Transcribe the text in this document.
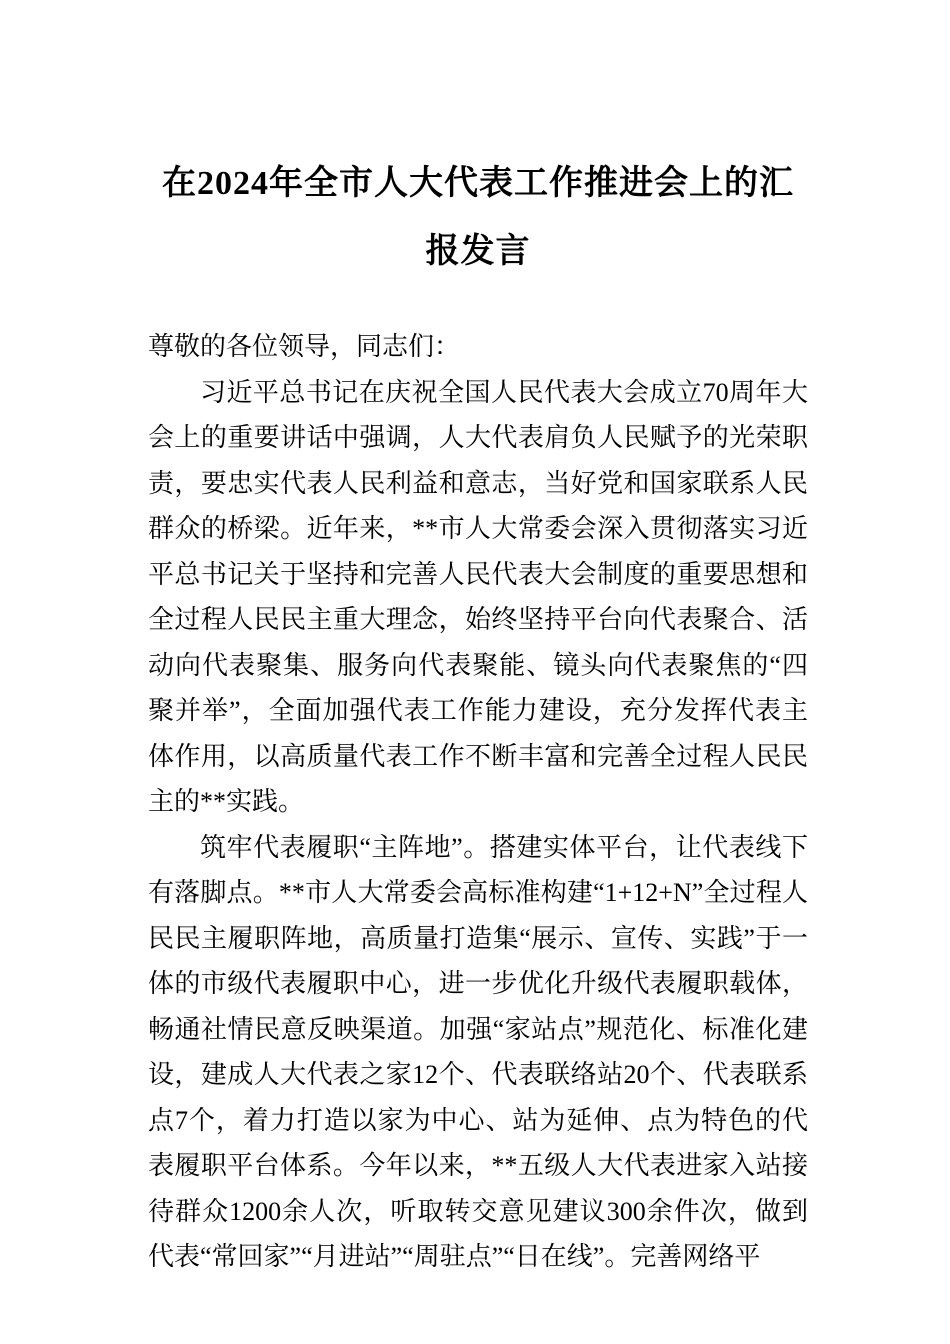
在2024年全市人大代表工作推进会上的汇报发言

尊敬的各位领导，同志们：

习近平总书记在庆祝全国人民代表大会成立70周年大会上的重要讲话中强调，人大代表肩负人民赋予的光荣职责，要忠实代表人民利益和意志，当好党和国家联系人民群众的桥梁。近年来，**市人大常委会深入贯彻落实习近平总书记关于坚持和完善人民代表大会制度的重要思想和全过程人民民主重大理念，始终坚持平台向代表聚合、活动向代表聚集、服务向代表聚能、镜头向代表聚焦的“四聚并举”，全面加强代表工作能力建设，充分发挥代表主体作用，以高质量代表工作不断丰富和完善全过程人民民主的**实践。

筑牢代表履职“主阵地”。搭建实体平台，让代表线下有落脚点。**市人大常委会高标准构建“1+12+N”全过程人民民主履职阵地，高质量打造集“展示、宣传、实践”于一体的市级代表履职中心，进一步优化升级代表履职载体，畅通社情民意反映渠道。加强“家站点”规范化、标准化建设，建成人大代表之家12个、代表联络站20个、代表联系点7个，着力打造以家为中心、站为延伸、点为特色的代表履职平台体系。今年以来，**五级人大代表进家入站接待群众1200余人次，听取转交意见建议300余件次，做到代表“常回家”“月进站”“周驻点”“日在线”。完善网络平
